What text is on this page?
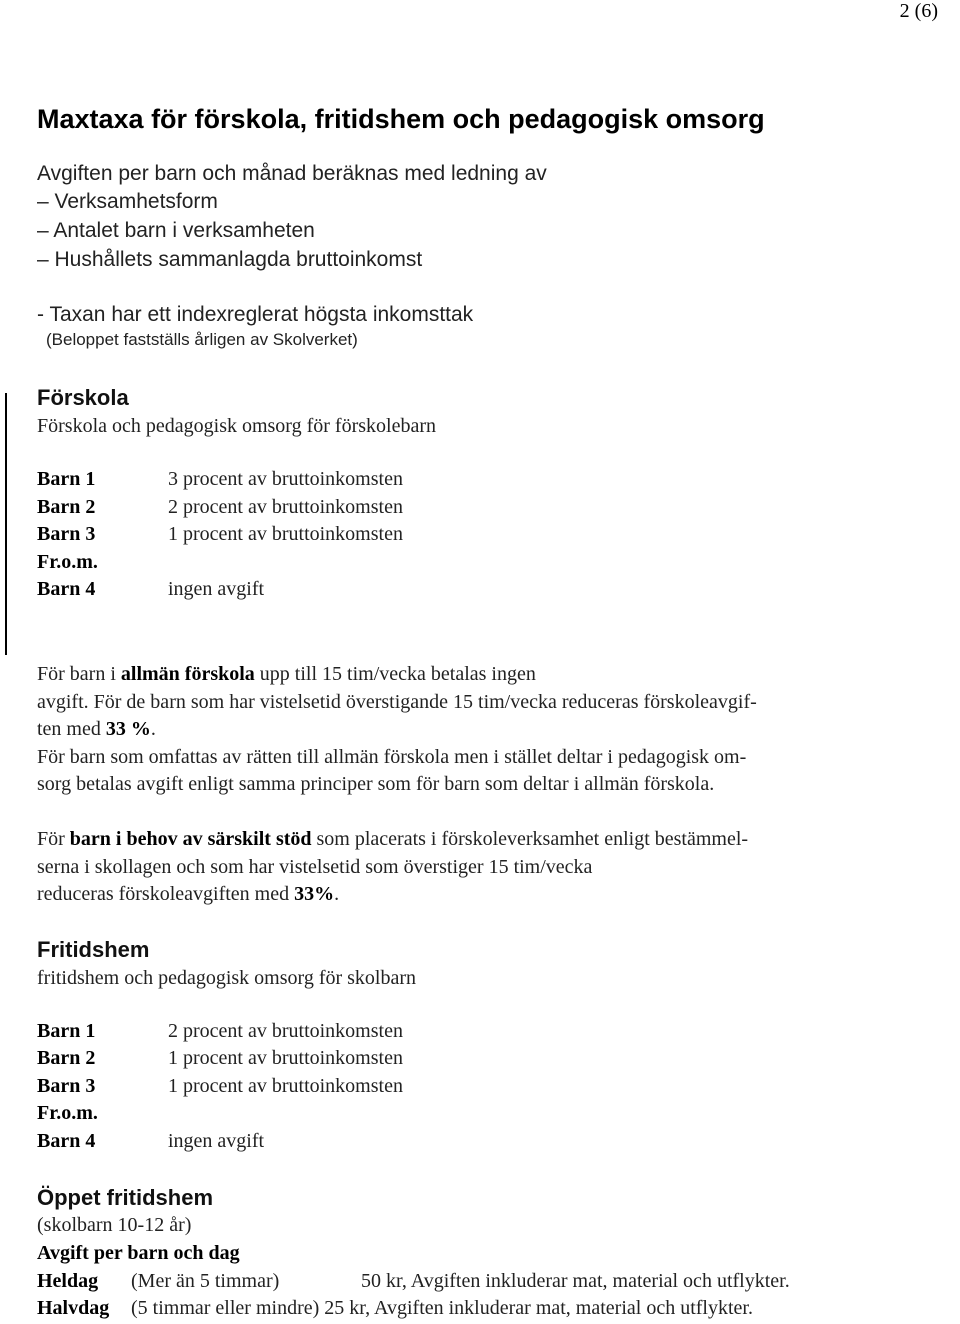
2 (6)
Maxtaxa för förskola, fritidshem och pedagogisk omsorg
Avgiften per barn och månad beräknas med ledning av
– Verksamhetsform
– Antalet barn i verksamheten
– Hushållets sammanlagda bruttoinkomst
- Taxan har ett indexreglerat högsta inkomsttak
(Beloppet fastställs årligen av Skolverket)
Förskola
Förskola och pedagogisk omsorg för förskolebarn
Barn 1	3 procent av bruttoinkomsten
Barn 2	2 procent av bruttoinkomsten
Barn 3	1 procent av bruttoinkomsten
Fr.o.m.
Barn 4	ingen avgift
För barn i allmän förskola upp till 15 tim/vecka betalas ingen
avgift. För de barn som har vistelsetid överstigande 15 tim/vecka reduceras förskoleavgif-
ten med 33 %.
För barn som omfattas av rätten till allmän förskola men i stället deltar i pedagogisk om-
sorg betalas avgift enligt samma principer som för barn som deltar i allmän förskola.
För barn i behov av särskilt stöd som placerats i förskoleverksamhet enligt bestämmel-
serna i skollagen och som har vistelsetid som överstiger 15 tim/vecka
reduceras förskoleavgiften med 33%.
Fritidshem
fritidshem och pedagogisk omsorg för skolbarn
Barn 1	2 procent av bruttoinkomsten
Barn 2	1 procent av bruttoinkomsten
Barn 3	1 procent av bruttoinkomsten
Fr.o.m.
Barn 4	ingen avgift
Öppet fritidshem
(skolbarn 10-12 år)
Avgift per barn och dag
Heldag (Mer än 5 timmar)	50 kr, Avgiften inkluderar mat, material och utflykter.
Halvdag (5 timmar eller mindre) 25 kr, Avgiften inkluderar mat, material och utflykter.
